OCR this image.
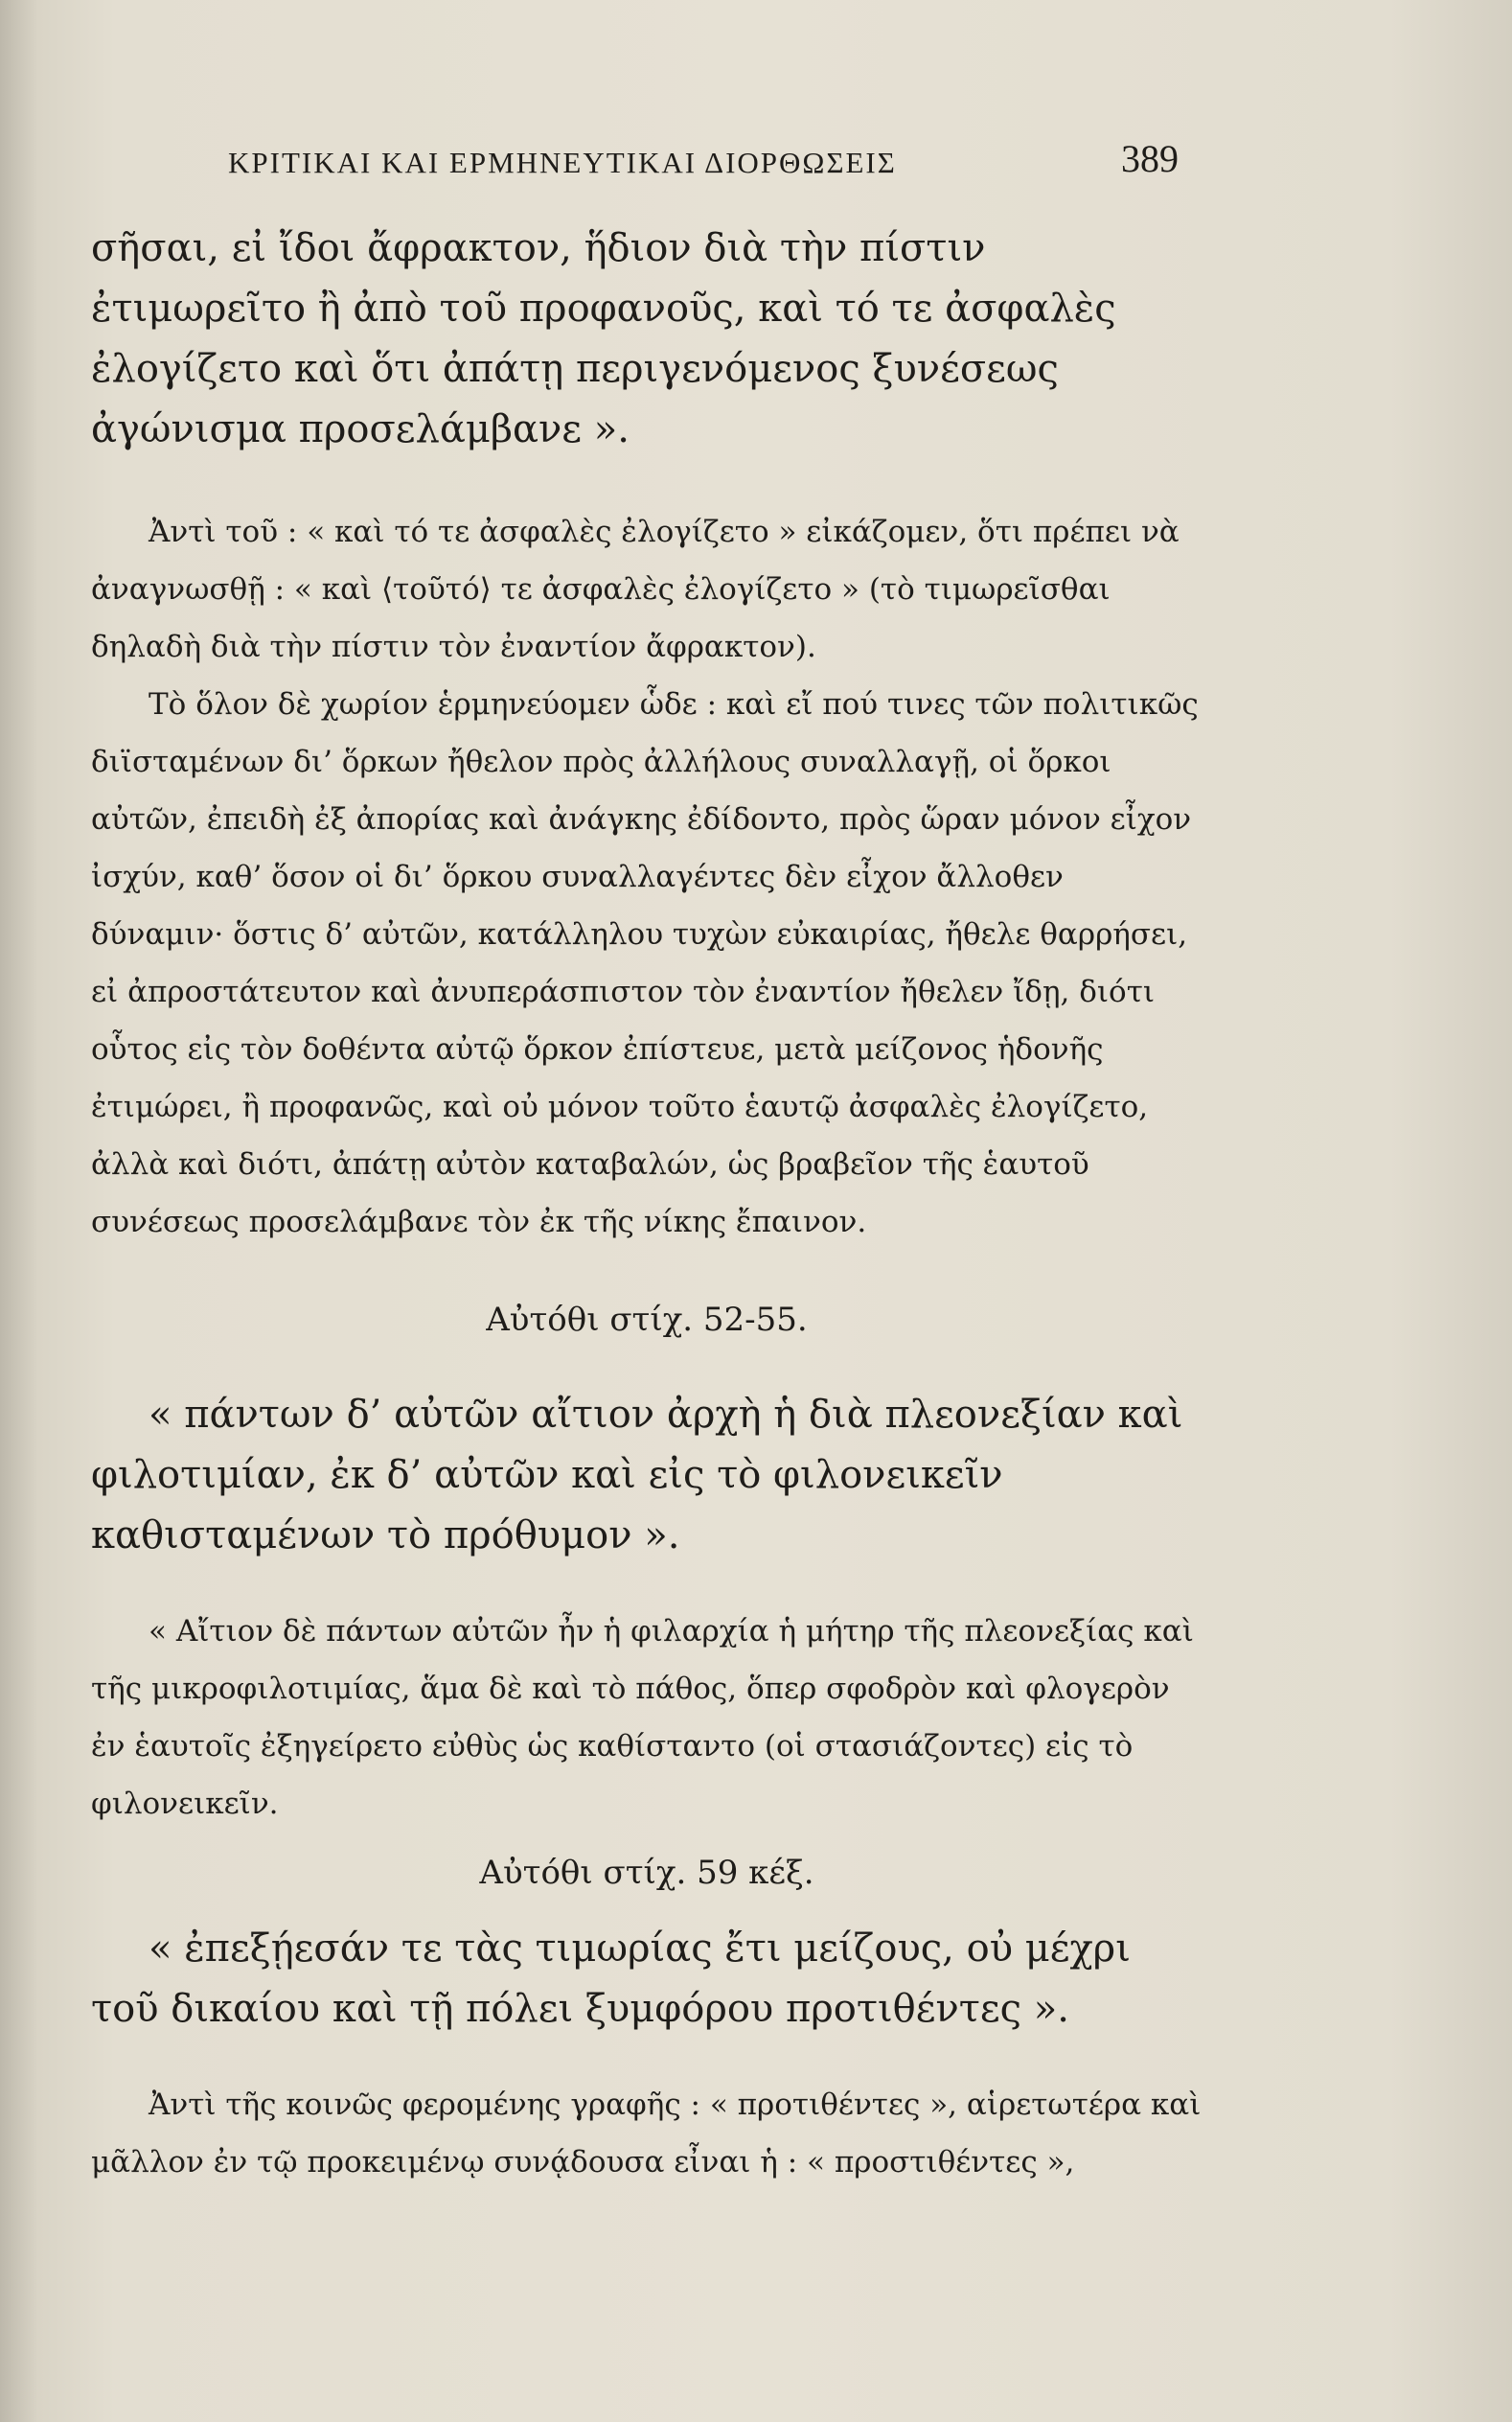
ΚΡΙΤΙΚΑΙ ΚΑΙ ΕΡΜΗΝΕΥΤΙΚΑΙ ΔΙΟΡΘΩΣΕΙΣ	389

σῆσαι, εἰ ἴδοι ἄφρακτον, ἥδιον διὰ τὴν πίστιν ἐτιμωρεῖτο ἢ ἀπὸ τοῦ προφανοῦς, καὶ τό τε ἀσφαλὲς ἐλογίζετο καὶ ὅτι ἀπάτῃ περιγενόμενος ξυνέσεως ἀγώνισμα προσελάμβανε ».

Ἀντὶ τοῦ : « καὶ τό τε ἀσφαλὲς ἐλογίζετο » εἰκάζομεν, ὅτι πρέπει νὰ ἀναγνωσθῇ : « καὶ ⟨τοῦτό⟩ τε ἀσφαλὲς ἐλογίζετο » (τὸ τιμωρεῖσθαι δηλαδὴ διὰ τὴν πίστιν τὸν ἐναντίον ἄφρακτον).

Τὸ ὅλον δὲ χωρίον ἑρμηνεύομεν ὧδε : καὶ εἴ πού τινες τῶν πολιτικῶς διϊσταμένων δι’ ὅρκων ἤθελον πρὸς ἀλλήλους συναλλαγῇ, οἱ ὅρκοι αὐτῶν, ἐπειδὴ ἐξ ἀπορίας καὶ ἀνάγκης ἐδίδοντο, πρὸς ὥραν μόνον εἶχον ἰσχύν, καθ’ ὅσον οἱ δι’ ὅρκου συναλλαγέντες δὲν εἶχον ἄλλοθεν δύναμιν· ὅστις δ’ αὐτῶν, κατάλληλου τυχὼν εὐκαιρίας, ἤθελε θαρρήσει, εἰ ἀπροστάτευτον καὶ ἀνυπεράσπιστον τὸν ἐναντίον ἤθελεν ἴδῃ, διότι οὗτος εἰς τὸν δοθέντα αὐτῷ ὅρκον ἐπίστευε, μετὰ μείζονος ἡδονῆς ἐτιμώρει, ἢ προφανῶς, καὶ οὐ μόνον τοῦτο ἑαυτῷ ἀσφαλὲς ἐλογίζετο, ἀλλὰ καὶ διότι, ἀπάτῃ αὐτὸν καταβαλών, ὡς βραβεῖον τῆς ἑαυτοῦ συνέσεως προσελάμβανε τὸν ἐκ τῆς νίκης ἔπαινον.

Αὐτόθι στίχ. 52-55.

« πάντων δ’ αὐτῶν αἴτιον ἀρχὴ ἡ διὰ πλεονεξίαν καὶ φιλοτιμίαν, ἐκ δ’ αὐτῶν καὶ εἰς τὸ φιλονεικεῖν καθισταμένων τὸ πρόθυμον ».

« Αἴτιον δὲ πάντων αὐτῶν ἦν ἡ φιλαρχία ἡ μήτηρ τῆς πλεονεξίας καὶ τῆς μικροφιλοτιμίας, ἅμα δὲ καὶ τὸ πάθος, ὅπερ σφοδρὸν καὶ φλογερὸν ἐν ἑαυτοῖς ἐξηγείρετο εὐθὺς ὡς καθίσταντο (οἱ στασιάζοντες) εἰς τὸ φιλονεικεῖν.

Αὐτόθι στίχ. 59 κέξ.

« ἐπεξῄεσάν τε τὰς τιμωρίας ἔτι μείζους, οὐ μέχρι τοῦ δικαίου καὶ τῇ πόλει ξυμφόρου προτιθέντες ».

Ἀντὶ τῆς κοινῶς φερομένης γραφῆς : « προτιθέντες », αἱρετωτέρα καὶ μᾶλλον ἐν τῷ προκειμένῳ συνᾴδουσα εἶναι ἡ : « προστιθέντες »,
